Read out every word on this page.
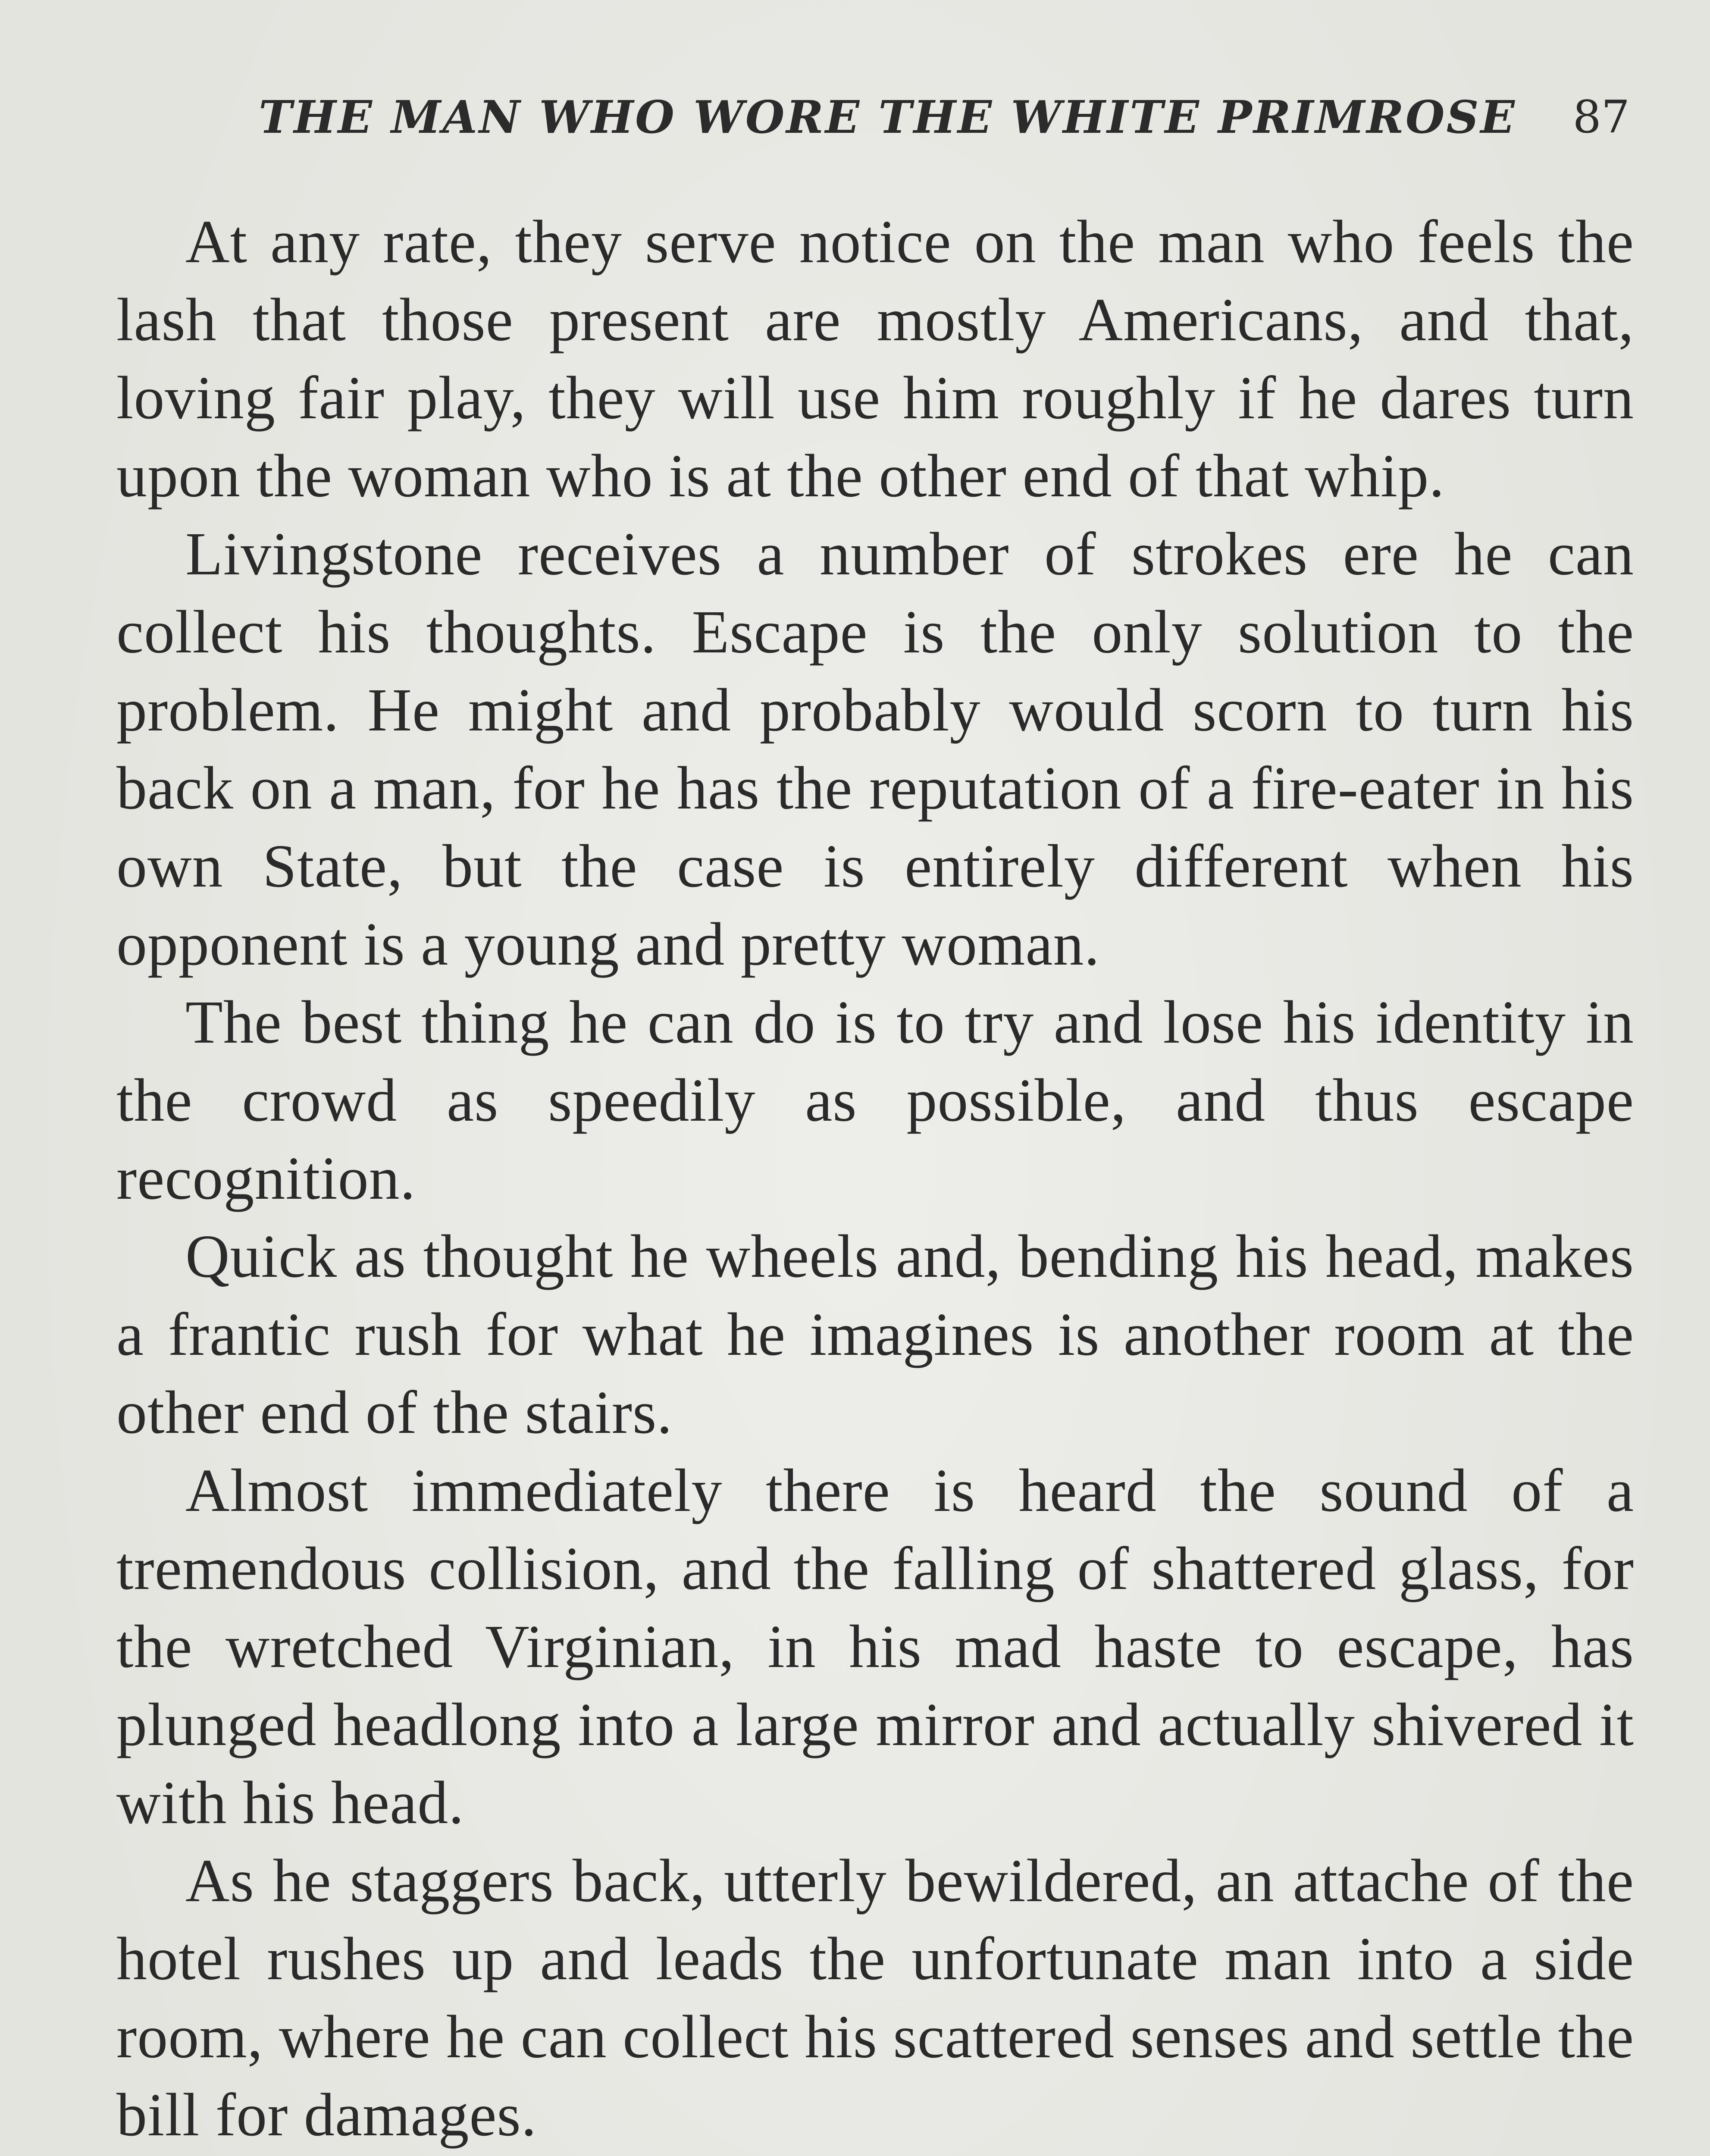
THE MAN WHO WORE THE WHITE PRIMROSE 87

At any rate, they serve notice on the man who feels the lash that those present are mostly Americans, and that, loving fair play, they will use him roughly if he dares turn upon the woman who is at the other end of that whip.

Livingstone receives a number of strokes ere he can collect his thoughts. Escape is the only solution to the problem. He might and probably would scorn to turn his back on a man, for he has the reputation of a fire-eater in his own State, but the case is entirely different when his opponent is a young and pretty woman.

The best thing he can do is to try and lose his identity in the crowd as speedily as possible, and thus escape recognition.

Quick as thought he wheels and, bending his head, makes a frantic rush for what he imagines is another room at the other end of the stairs.

Almost immediately there is heard the sound of a tremendous collision, and the falling of shattered glass, for the wretched Virginian, in his mad haste to escape, has plunged headlong into a large mirror and actually shivered it with his head.

As he staggers back, utterly bewildered, an attache of the hotel rushes up and leads the unfortunate man into a side room, where he can collect his scattered senses and settle the bill for damages.
